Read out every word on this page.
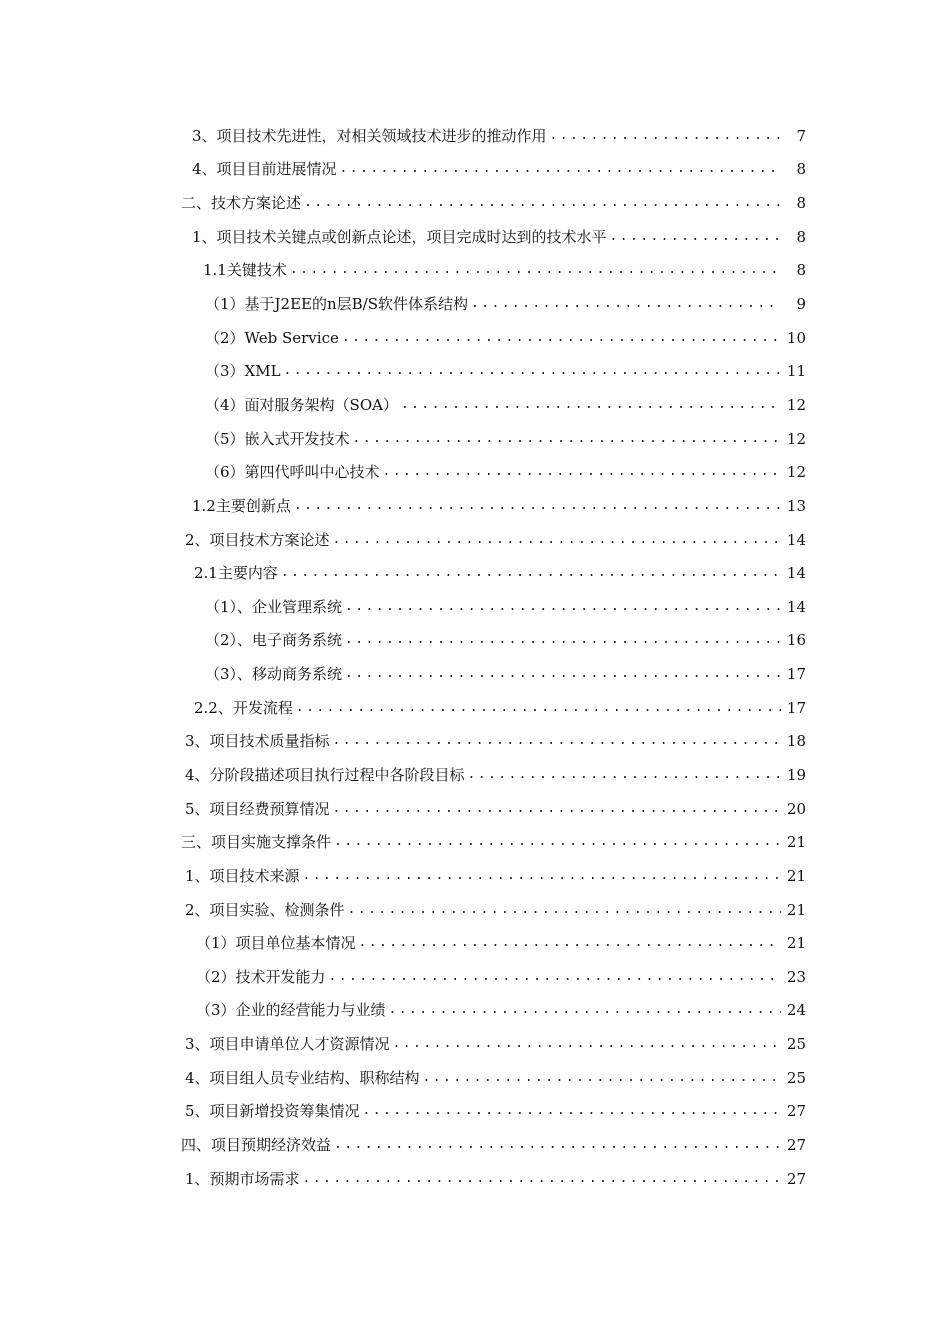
3、项目技术先进性，对相关领域技术进步的推动作用 .....	7
4、项目目前进展情况 .....	8
二、技术方案论述 .....	8
1、项目技术关键点或创新点论述，项目完成时达到的技术水平 .....	8
1.1关键技术 .....	8
（1）基于J2EE的n层B/S软件体系结构 .....	9
（2）Web Service .....	10
（3）XML .....	11
（4）面对服务架构（SOA） .....	12
（5）嵌入式开发技术 .....	12
（6）第四代呼叫中心技术 .....	12
1.2主要创新点 .....	13
2、项目技术方案论述 .....	14
2.1主要内容 .....	14
（1）、企业管理系统 .....	14
（2）、电子商务系统 .....	16
（3）、移动商务系统 .....	17
2.2、开发流程 .....	17
3、项目技术质量指标 .....	18
4、分阶段描述项目执行过程中各阶段目标 .....	19
5、项目经费预算情况 .....	20
三、项目实施支撑条件 .....	21
1、项目技术来源 .....	21
2、项目实验、检测条件 .....	21
（1）项目单位基本情况 .....	21
（2）技术开发能力 .....	23
（3）企业的经营能力与业绩 .....	24
3、项目申请单位人才资源情况 .....	25
4、项目组人员专业结构、职称结构 .....	25
5、项目新增投资筹集情况 .....	27
四、项目预期经济效益 .....	27
1、预期市场需求 .....	27
